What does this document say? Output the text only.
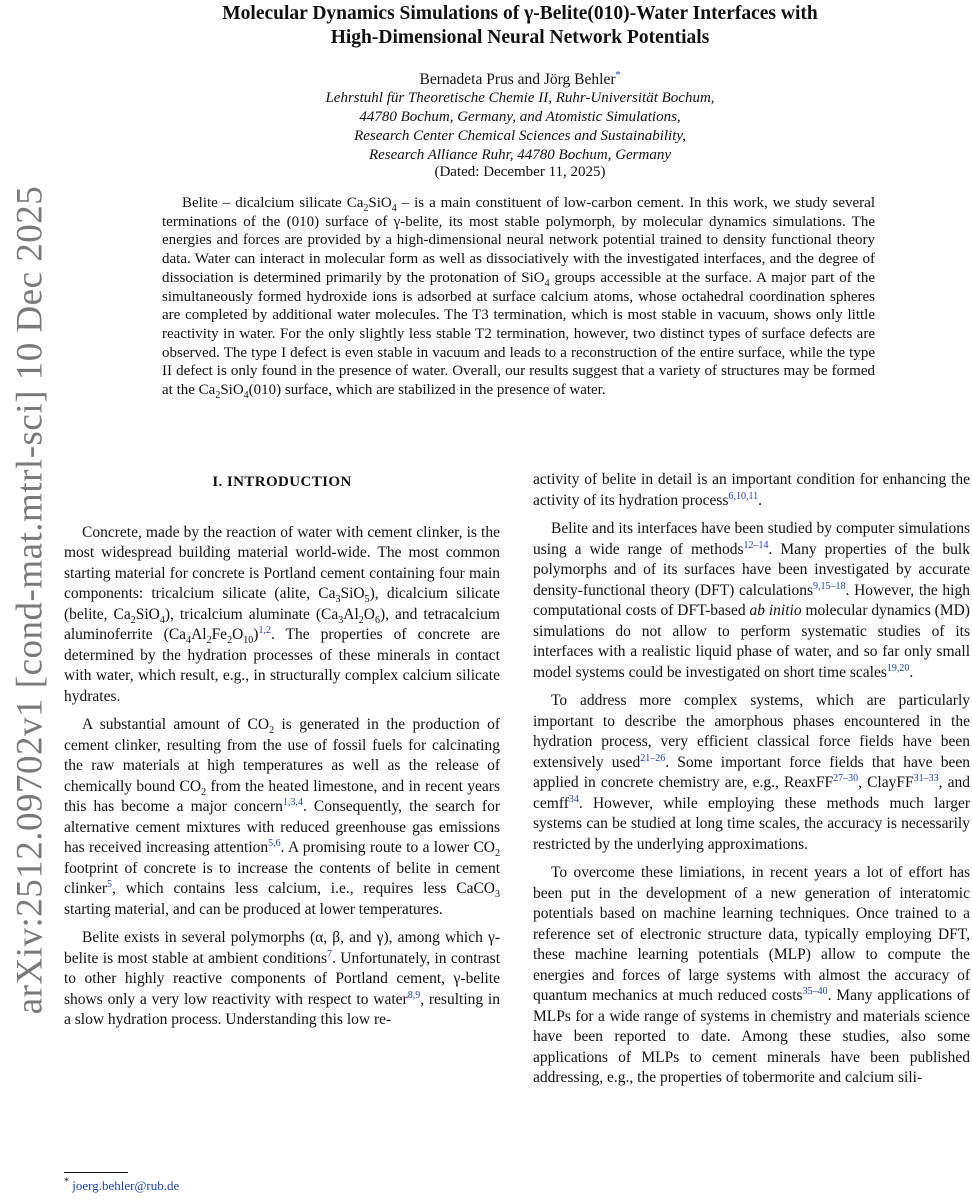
arXiv:2512.09702v1 [cond-mat.mtrl-sci] 10 Dec 2025
Molecular Dynamics Simulations of γ-Belite(010)-Water Interfaces with
High-Dimensional Neural Network Potentials
Bernadeta Prus and Jörg Behler*
Lehrstuhl für Theoretische Chemie II, Ruhr-Universität Bochum,
44780 Bochum, Germany, and Atomistic Simulations,
Research Center Chemical Sciences and Sustainability,
Research Alliance Ruhr, 44780 Bochum, Germany
(Dated: December 11, 2025)
Belite – dicalcium silicate $Ca_2SiO_4$ – is a main constituent of low-carbon cement. In this work, we study several terminations of the (010) surface of γ-belite, its most stable polymorph, by molecular dynamics simulations. The energies and forces are provided by a high-dimensional neural network potential trained to density functional theory data. Water can interact in molecular form as well as dissociatively with the investigated interfaces, and the degree of dissociation is determined primarily by the protonation of SiO$_4$ groups accessible at the surface. A major part of the simultaneously formed hydroxide ions is adsorbed at surface calcium atoms, whose octahedral coordination spheres are completed by additional water molecules. The T3 termination, which is most stable in vacuum, shows only little reactivity in water. For the only slightly less stable T2 termination, however, two distinct types of surface defects are observed. The type I defect is even stable in vacuum and leads to a reconstruction of the entire surface, while the type II defect is only found in the presence of water. Overall, our results suggest that a variety of structures may be formed at the $Ca_2SiO_4(010)$ surface, which are stabilized in the presence of water.
I. INTRODUCTION

Concrete, made by the reaction of water with cement clinker, is the most widespread building material world-wide. The most common starting material for concrete is Portland cement containing four main components: tricalcium silicate (alite, $Ca_3SiO_5$), dicalcium silicate (belite, $Ca_2SiO_4$), tricalcium aluminate $(Ca_3Al_2O_6)$, and tetracalcium aluminoferrite $(Ca_4Al_2Fe_2O_{10})^{1,2}$. The properties of concrete are determined by the hydration processes of these minerals in contact with water, which result, e.g., in structurally complex calcium silicate hydrates.

A substantial amount of $CO_2$ is generated in the production of cement clinker, resulting from the use of fossil fuels for calcinating the raw materials at high temperatures as well as the release of chemically bound $CO_2$ from the heated limestone, and in recent years this has become a major concern$^{1,3,4}$. Consequently, the search for alternative cement mixtures with reduced greenhouse gas emissions has received increasing attention$^{5,6}$. A promising route to a lower $CO_2$ footprint of concrete is to increase the contents of belite in cement clinker$^5$, which contains less calcium, i.e., requires less CaCO$_3$ starting material, and can be produced at lower temperatures.

Belite exists in several polymorphs (α, β, and γ), among which γ-belite is most stable at ambient conditions$^7$. Unfortunately, in contrast to other highly reactive components of Portland cement, γ-belite shows only a very low reactivity with respect to water$^{8,9}$, resulting in a slow hydration process. Understanding this low re-

activity of belite in detail is an important condition for enhancing the activity of its hydration process$^{6,10,11}$.

Belite and its interfaces have been studied by computer simulations using a wide range of methods$^{12-14}$. Many properties of the bulk polymorphs and of its surfaces have been investigated by accurate density-functional theory (DFT) calculations$^{9,15-18}$. However, the high computational costs of DFT-based ab initio molecular dynamics (MD) simulations do not allow to perform systematic studies of its interfaces with a realistic liquid phase of water, and so far only small model systems could be investigated on short time scales$^{19,20}$.

To address more complex systems, which are particularly important to describe the amorphous phases encountered in the hydration process, very efficient classical force fields have been extensively used$^{21-26}$. Some important force fields that have been applied in concrete chemistry are, e.g., ReaxFF$^{27-30}$, ClayFF$^{31-33}$, and cemff$^{34}$. However, while employing these methods much larger systems can be studied at long time scales, the accuracy is necessarily restricted by the underlying approximations.

To overcome these limiations, in recent years a lot of effort has been put in the development of a new generation of interatomic potentials based on machine learning techniques. Once trained to a reference set of electronic structure data, typically employing DFT, these machine learning potentials (MLP) allow to compute the energies and forces of large systems with almost the accuracy of quantum mechanics at much reduced costs$^{35-40}$. Many applications of MLPs for a wide range of systems in chemistry and materials science have been reported to date. Among these studies, also some applications of MLPs to cement minerals have been published addressing, e.g., the properties of tobermorite and calcium sili-

* joerg.behler@rub.de
